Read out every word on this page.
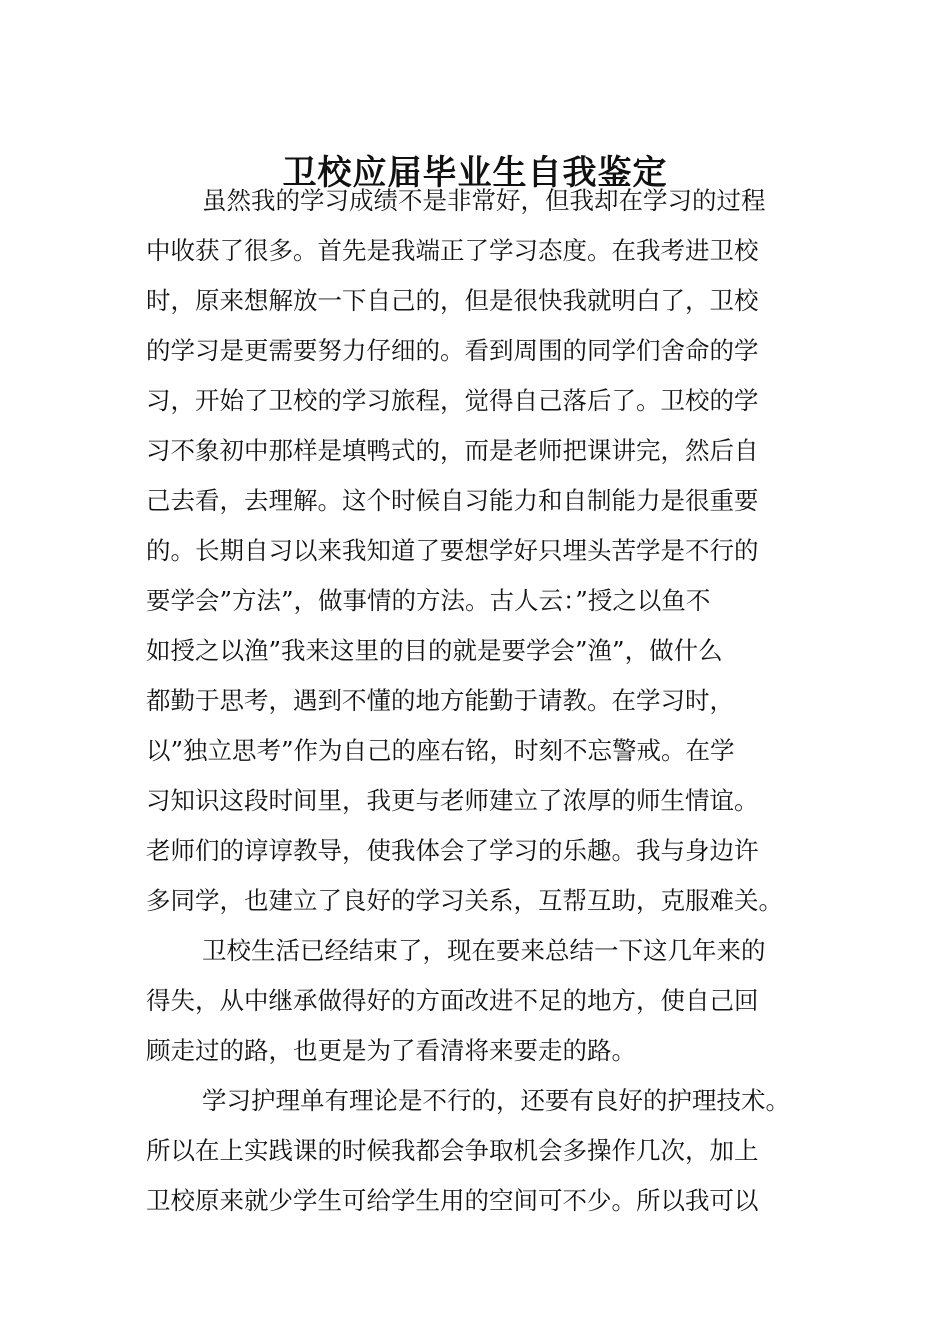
卫校应届毕业生自我鉴定

虽然我的学习成绩不是非常好，但我却在学习的过程
中收获了很多。首先是我端正了学习态度。在我考进卫校
时，原来想解放一下自己的，但是很快我就明白了，卫校
的学习是更需要努力仔细的。看到周围的同学们舍命的学
习，开始了卫校的学习旅程，觉得自己落后了。卫校的学
习不象初中那样是填鸭式的，而是老师把课讲完，然后自
己去看，去理解。这个时候自习能力和自制能力是很重要
的。长期自习以来我知道了要想学好只埋头苦学是不行的
要学会”方法”，做事情的方法。古人云：”授之以鱼不
如授之以渔”我来这里的目的就是要学会”渔”，做什么
都勤于思考，遇到不懂的地方能勤于请教。在学习时，
以”独立思考”作为自己的座右铭，时刻不忘警戒。在学
习知识这段时间里，我更与老师建立了浓厚的师生情谊。
老师们的谆谆教导，使我体会了学习的乐趣。我与身边许
多同学，也建立了良好的学习关系，互帮互助，克服难关。

卫校生活已经结束了，现在要来总结一下这几年来的
得失，从中继承做得好的方面改进不足的地方，使自己回
顾走过的路，也更是为了看清将来要走的路。

学习护理单有理论是不行的，还要有良好的护理技术。
所以在上实践课的时候我都会争取机会多操作几次，加上
卫校原来就少学生可给学生用的空间可不少。所以我可以
